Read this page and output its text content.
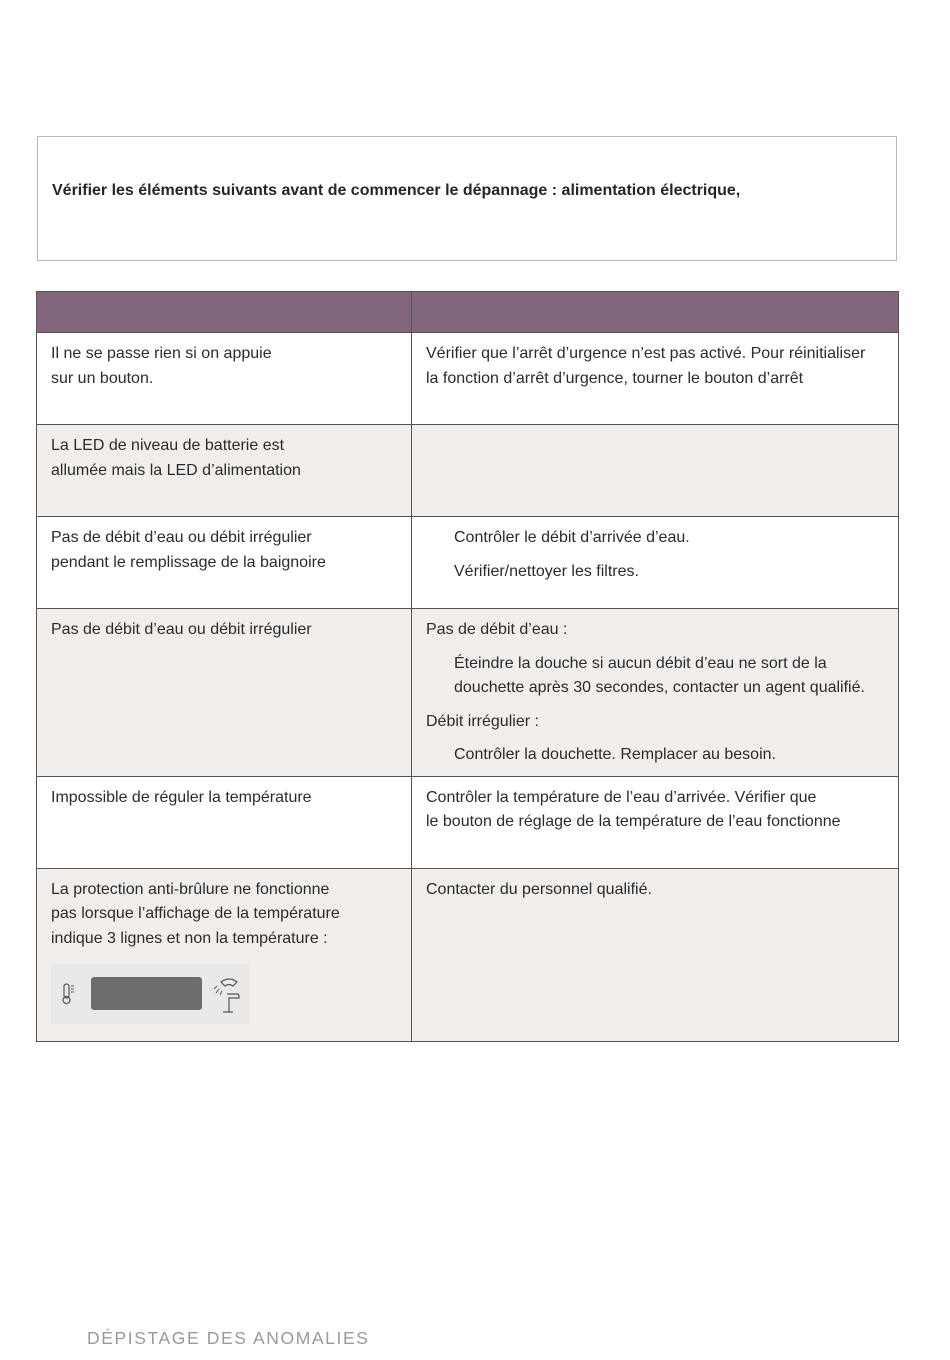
Vérifier les éléments suivants avant de commencer le dépannage : alimentation électrique,

Il ne se passe rien si on appuie
sur un bouton.	Vérifier que l’arrêt d’urgence n’est pas activé. Pour réinitialiser
la fonction d’arrêt d’urgence, tourner le bouton d’arrêt

La LED de niveau de batterie est
allumée mais la LED d’alimentation	

Pas de débit d’eau ou débit irrégulier
pendant le remplissage de la baignoire	Contrôler le débit d’arrivée d’eau.
Vérifier/nettoyer les filtres.

Pas de débit d’eau ou débit irrégulier	Pas de débit d’eau :
Éteindre la douche si aucun débit d’eau ne sort de la
douchette après 30 secondes, contacter un agent qualifié.
Débit irrégulier :
Contrôler la douchette. Remplacer au besoin.

Impossible de réguler la température	Contrôler la température de l’eau d’arrivée. Vérifier que
le bouton de réglage de la température de l’eau fonctionne

La protection anti-brûlure ne fonctionne
pas lorsque l’affichage de la température
indique 3 lignes et non la température :	Contacter du personnel qualifié.
DÉPISTAGE DES ANOMALIES
